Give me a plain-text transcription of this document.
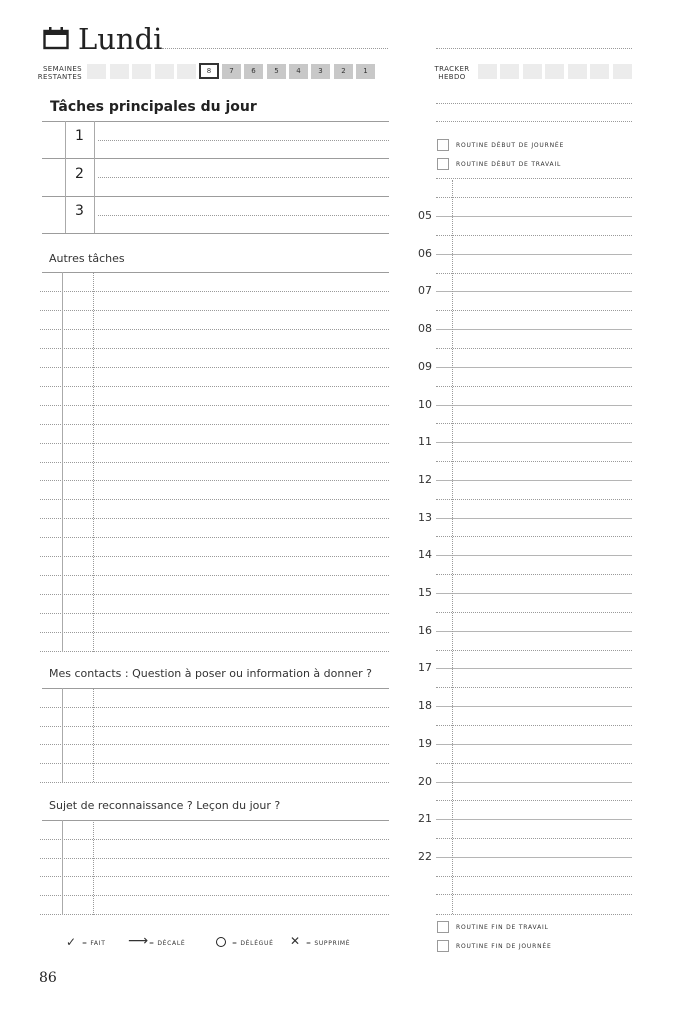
Lundi
SEMAINES
RESTANTES
8	7	6	5	4	3	2	1	TRACKER
HEBDO
Tâches principales du jour
1
2
3
Autres tâches
Mes contacts : Question à poser ou information à donner ?
Sujet de reconnaissance ? Leçon du jour ?
✓ = FAIT ⟶ = DÉCALÉ	= DÉLÉGUÉ ✕ = SUPPRIMÉ
86
ROUTINE DÉBUT DE JOURNÉE
ROUTINE DÉBUT DE TRAVAIL
05
06
07
08
09
10
11
12
13
14
15
16
17
18
19
20
21
22
ROUTINE FIN DE TRAVAIL
ROUTINE FIN DE JOURNÉE
